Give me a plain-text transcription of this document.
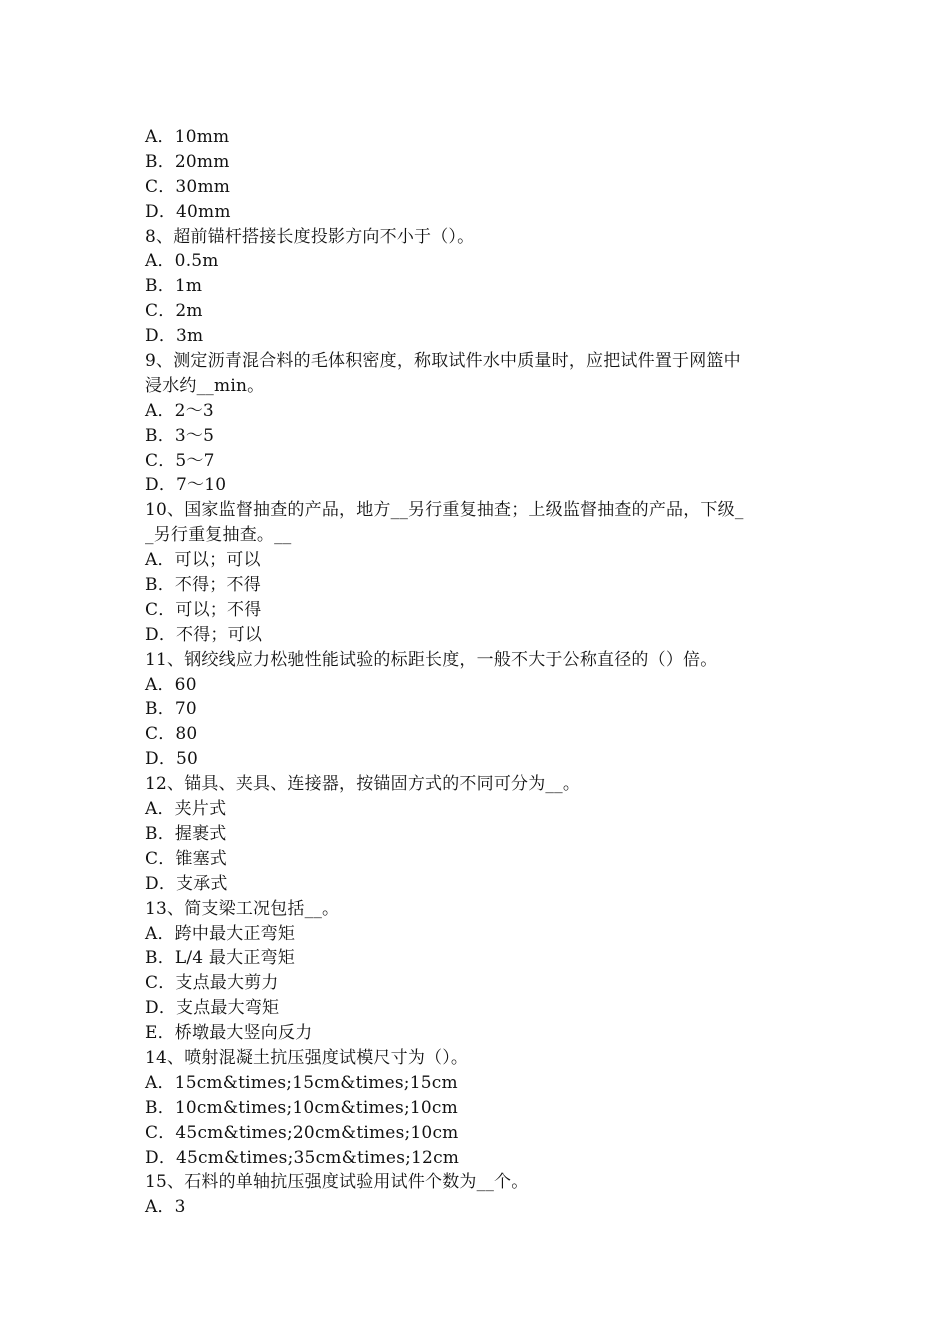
A．10mm
B．20mm
C．30mm
D．40mm
8、超前锚杆搭接长度投影方向不小于（）。
A．0.5m
B．1m
C．2m
D．3m
9、测定沥青混合料的毛体积密度，称取试件水中质量时，应把试件置于网篮中
浸水约__min。
A．2～3
B．3～5
C．5～7
D．7～10
10、国家监督抽查的产品，地方__另行重复抽查；上级监督抽查的产品，下级_
_另行重复抽查。__
A．可以；可以
B．不得；不得
C．可以；不得
D．不得；可以
11、钢绞线应力松驰性能试验的标距长度，一般不大于公称直径的（）倍。
A．60
B．70
C．80
D．50
12、锚具、夹具、连接器，按锚固方式的不同可分为__。
A．夹片式
B．握裹式
C．锥塞式
D．支承式
13、简支梁工况包括__。
A．跨中最大正弯矩
B．L/4 最大正弯矩
C．支点最大剪力
D．支点最大弯矩
E．桥墩最大竖向反力
14、喷射混凝土抗压强度试模尺寸为（）。
A．15cm&times;15cm&times;15cm
B．10cm&times;10cm&times;10cm
C．45cm&times;20cm&times;10cm
D．45cm&times;35cm&times;12cm
15、石料的单轴抗压强度试验用试件个数为__个。
A．3
